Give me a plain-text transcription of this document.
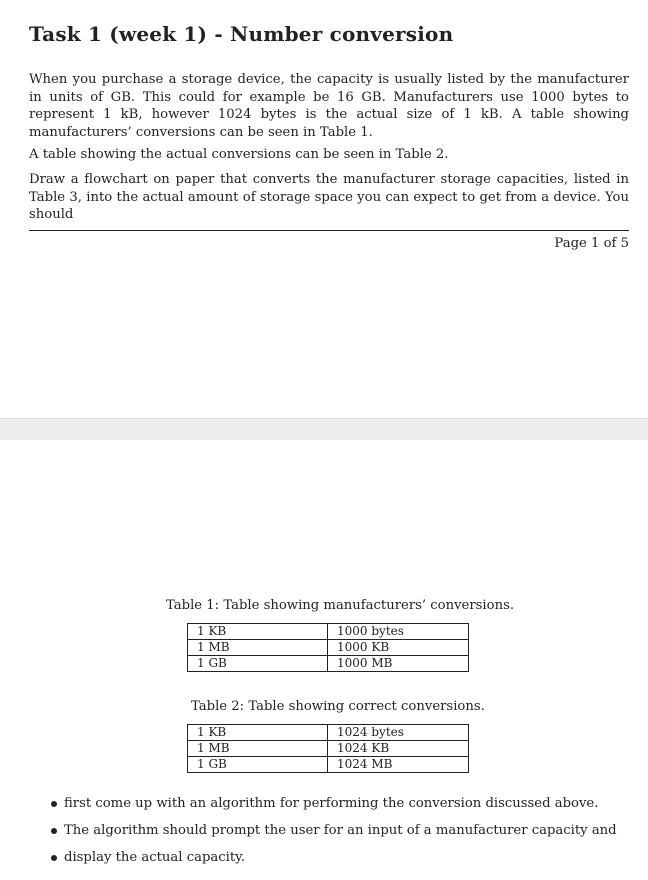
Task 1 (week 1) - Number conversion

When you purchase a storage device, the capacity is usually listed by the manufacturer in units of GB. This could for example be 16 GB. Manufacturers use 1000 bytes to represent 1 kB, however 1024 bytes is the actual size of 1 kB. A table showing manufacturers’ conversions can be seen in Table 1.

A table showing the actual conversions can be seen in Table 2.

Draw a flowchart on paper that converts the manufacturer storage capacities, listed in Table 3, into the actual amount of storage space you can expect to get from a device. You should

Page 1 of 5
Table 1: Table showing manufacturers’ conversions.
1 KB	1000 bytes
1 MB	1000 KB
1 GB	1000 MB
Table 2: Table showing correct conversions.
1 KB	1024 bytes
1 MB	1024 KB
1 GB	1024 MB
first come up with an algorithm for performing the conversion discussed above.
The algorithm should prompt the user for an input of a manufacturer capacity and
display the actual capacity.
